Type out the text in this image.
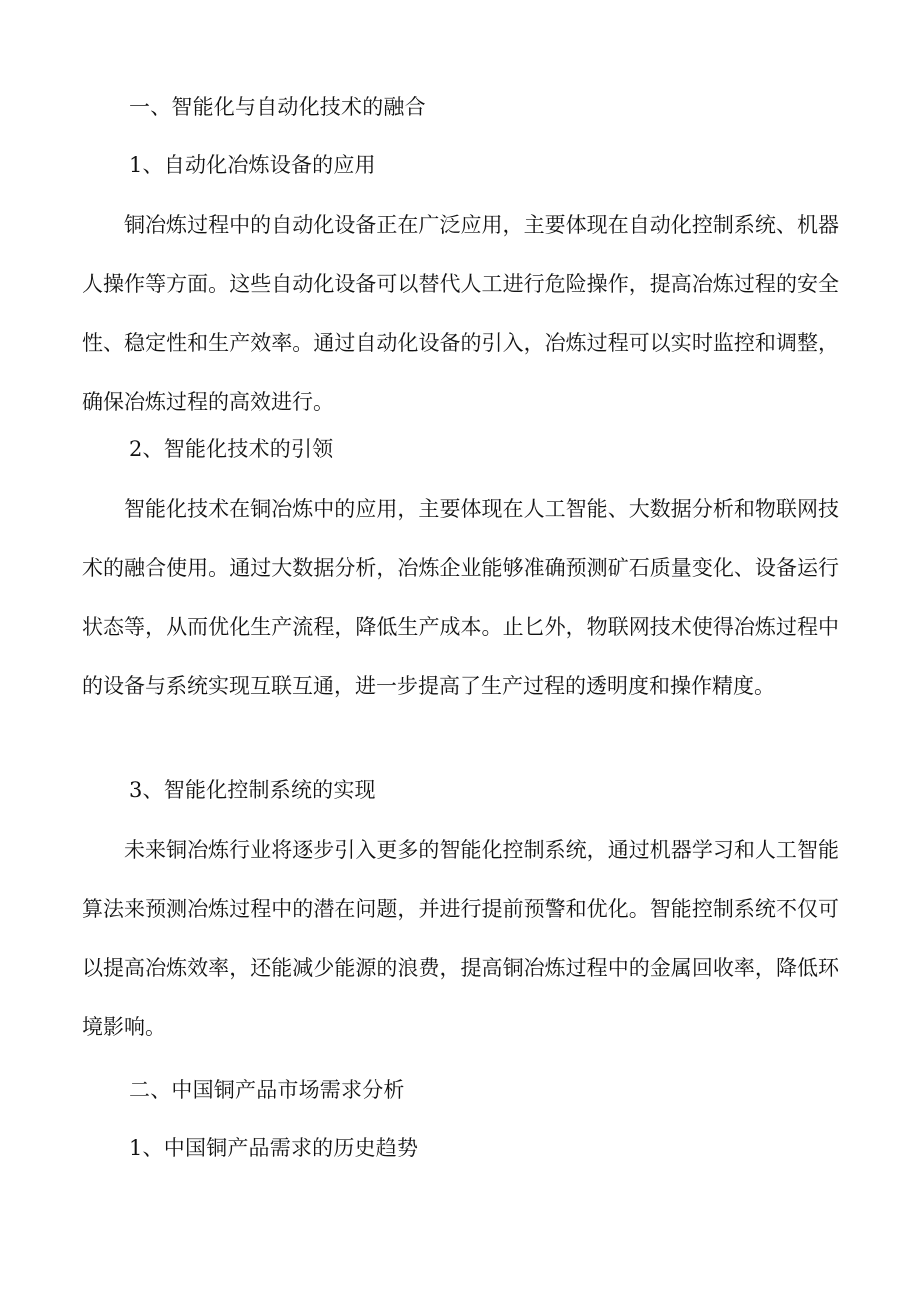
一、智能化与自动化技术的融合
1、自动化冶炼设备的应用
铜冶炼过程中的自动化设备正在广泛应用，主要体现在自动化控制系统、机器人操作等方面。这些自动化设备可以替代人工进行危险操作，提高冶炼过程的安全性、稳定性和生产效率。通过自动化设备的引入，冶炼过程可以实时监控和调整，确保冶炼过程的高效进行。
2、智能化技术的引领
智能化技术在铜冶炼中的应用，主要体现在人工智能、大数据分析和物联网技术的融合使用。通过大数据分析，冶炼企业能够准确预测矿石质量变化、设备运行状态等，从而优化生产流程，降低生产成本。止匕外，物联网技术使得冶炼过程中的设备与系统实现互联互通，进一步提高了生产过程的透明度和操作精度。
3、智能化控制系统的实现
未来铜冶炼行业将逐步引入更多的智能化控制系统，通过机器学习和人工智能算法来预测冶炼过程中的潜在问题，并进行提前预警和优化。智能控制系统不仅可以提高冶炼效率，还能减少能源的浪费，提高铜冶炼过程中的金属回收率，降低环境影响。
二、中国铜产品市场需求分析
1、中国铜产品需求的历史趋势
